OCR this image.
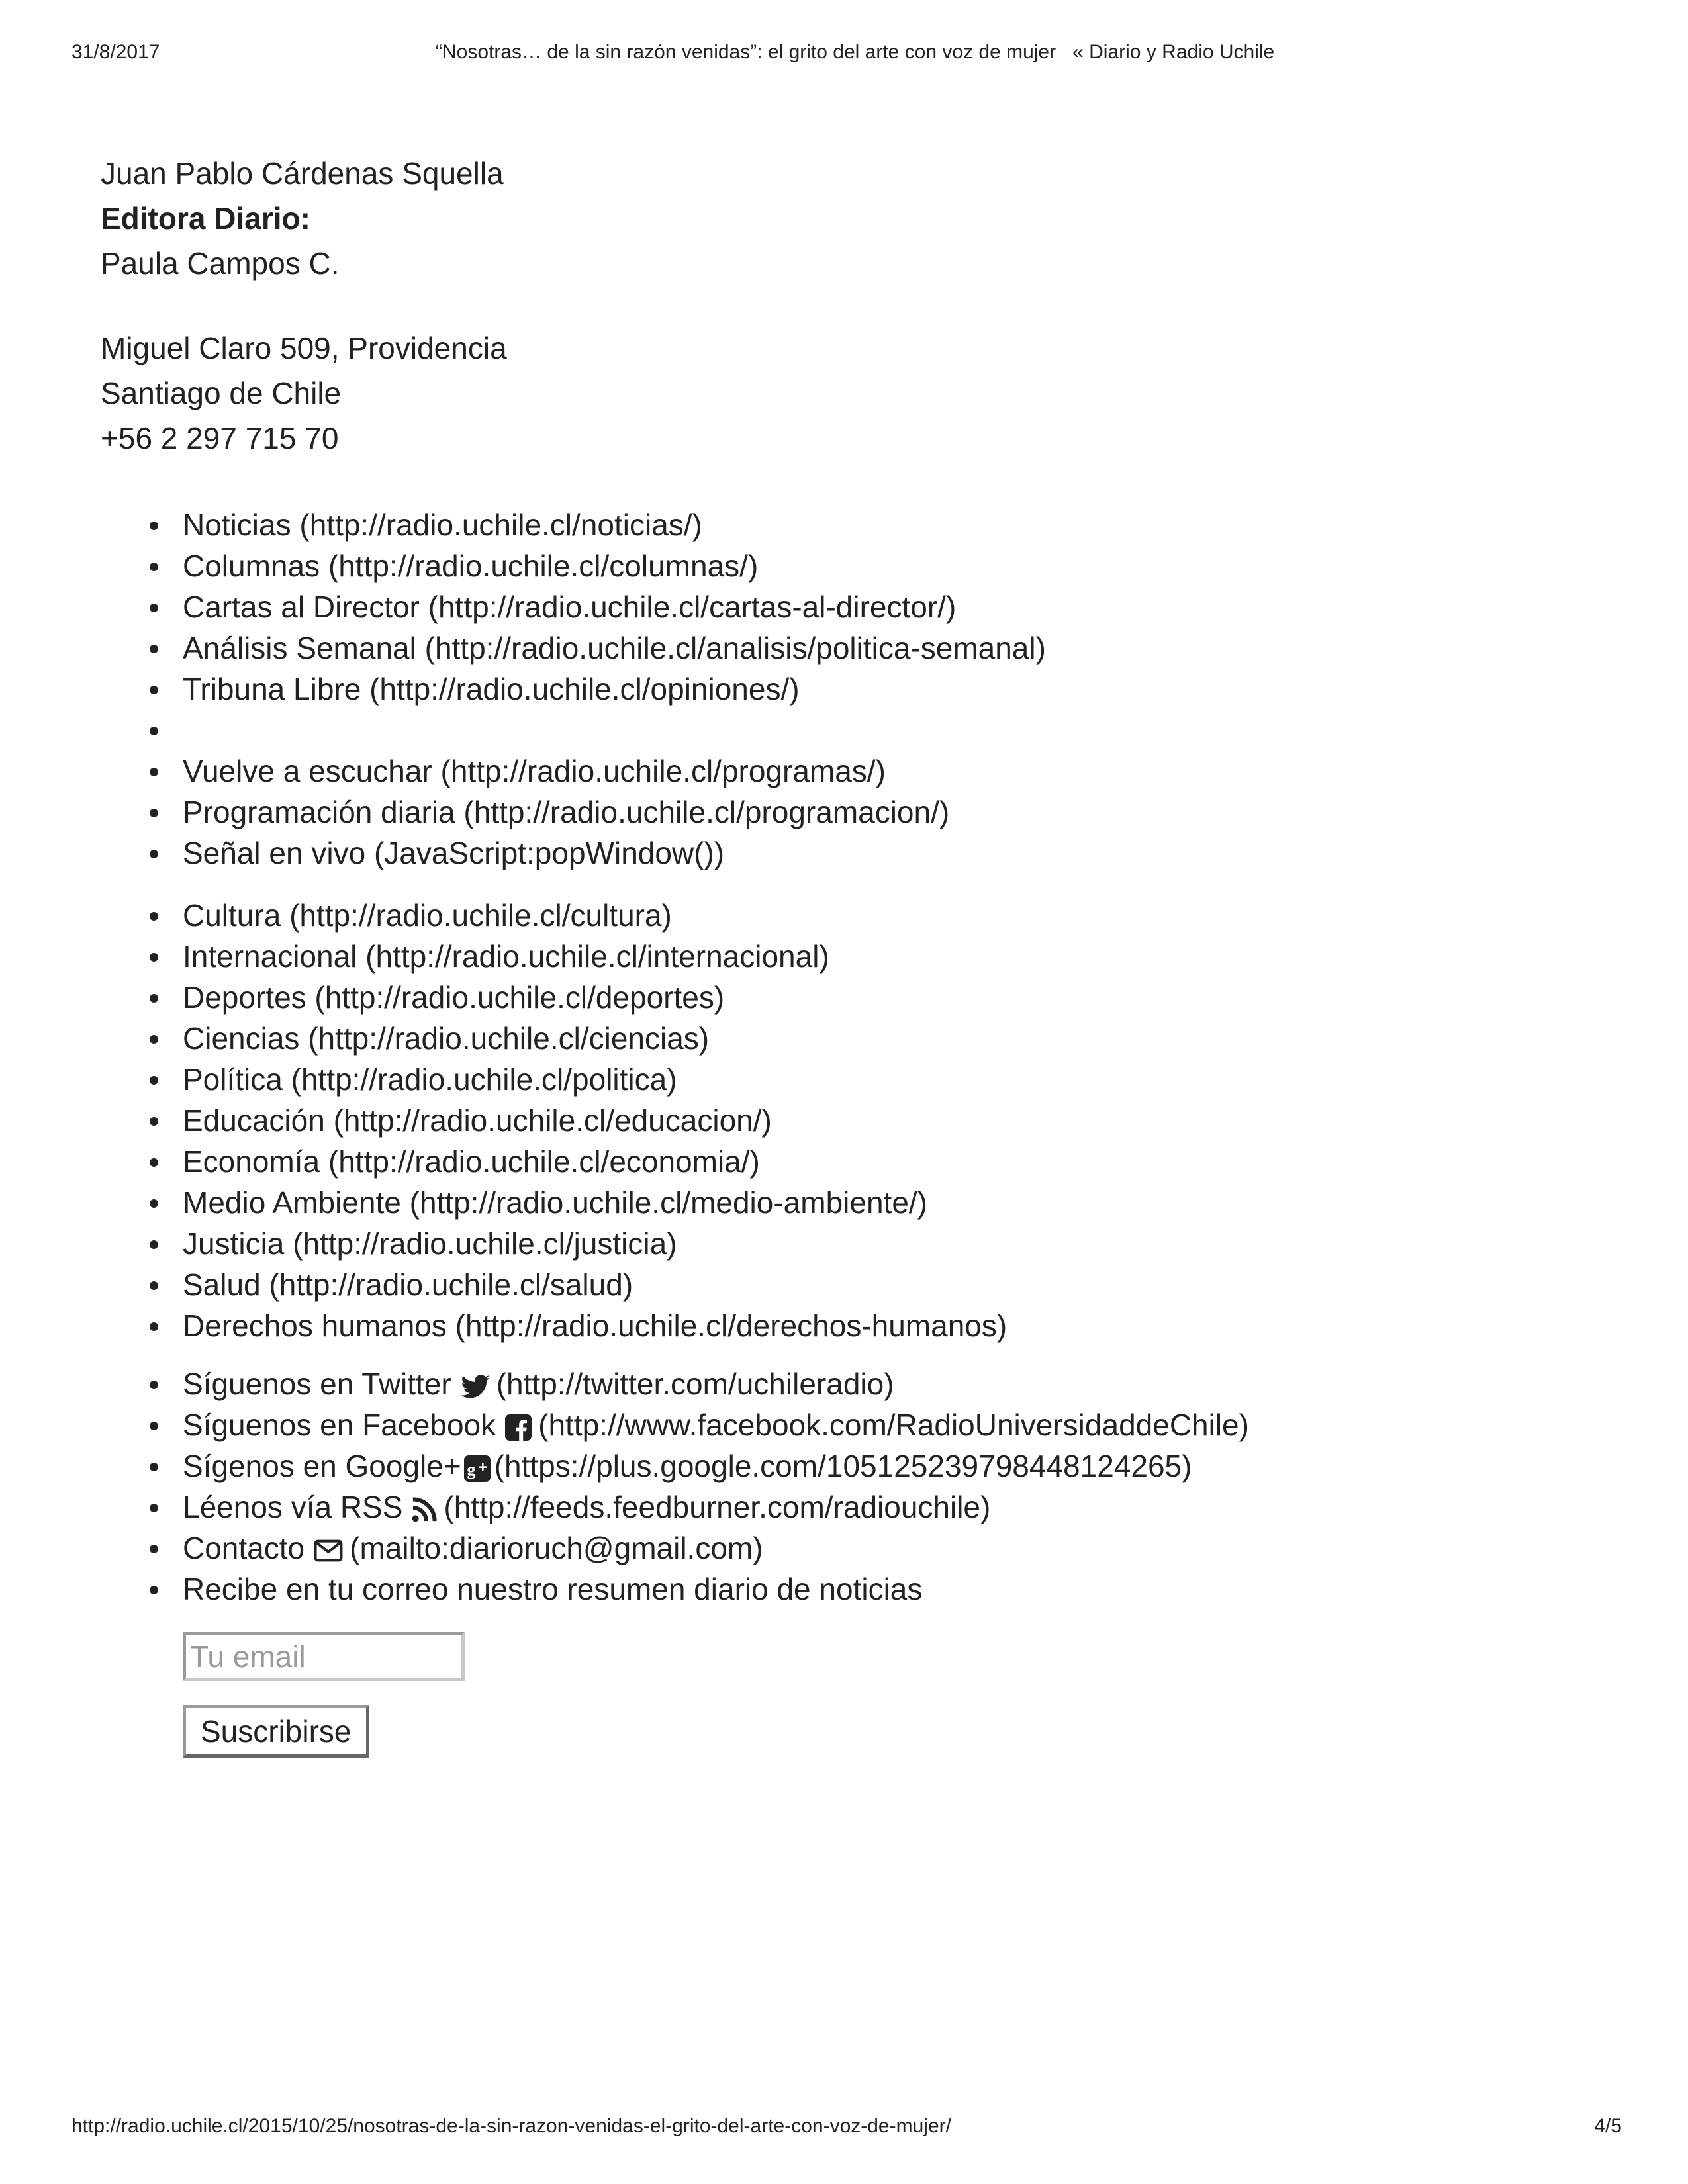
31/8/2017	“Nosotras… de la sin razón venidas”: el grito del arte con voz de mujer   « Diario y Radio Uchile
Juan Pablo Cárdenas Squella
Editora Diario:
Paula Campos C.
Miguel Claro 509, Providencia
Santiago de Chile
+56 2 297 715 70
Noticias (http://radio.uchile.cl/noticias/)
Columnas (http://radio.uchile.cl/columnas/)
Cartas al Director (http://radio.uchile.cl/cartas-al-director/)
Análisis Semanal (http://radio.uchile.cl/analisis/politica-semanal)
Tribuna Libre (http://radio.uchile.cl/opiniones/)
Vuelve a escuchar (http://radio.uchile.cl/programas/)
Programación diaria (http://radio.uchile.cl/programacion/)
Señal en vivo (JavaScript:popWindow())
Cultura (http://radio.uchile.cl/cultura)
Internacional (http://radio.uchile.cl/internacional)
Deportes (http://radio.uchile.cl/deportes)
Ciencias (http://radio.uchile.cl/ciencias)
Política (http://radio.uchile.cl/politica)
Educación (http://radio.uchile.cl/educacion/)
Economía (http://radio.uchile.cl/economia/)
Medio Ambiente (http://radio.uchile.cl/medio-ambiente/)
Justicia (http://radio.uchile.cl/justicia)
Salud (http://radio.uchile.cl/salud)
Derechos humanos (http://radio.uchile.cl/derechos-humanos)
Síguenos en Twitter (http://twitter.com/uchileradio)
Síguenos en Facebook (http://www.facebook.com/RadioUniversidaddeChile)
Sígenos en Google+ g (https://plus.google.com/105125239798448124265)
Léenos vía RSS (http://feeds.feedburner.com/radiouchile)
Contacto (mailto:diarioruch@gmail.com)
Recibe en tu correo nuestro resumen diario de noticias
Tu email
Suscribirse
http://radio.uchile.cl/2015/10/25/nosotras-de-la-sin-razon-venidas-el-grito-del-arte-con-voz-de-mujer/	4/5
